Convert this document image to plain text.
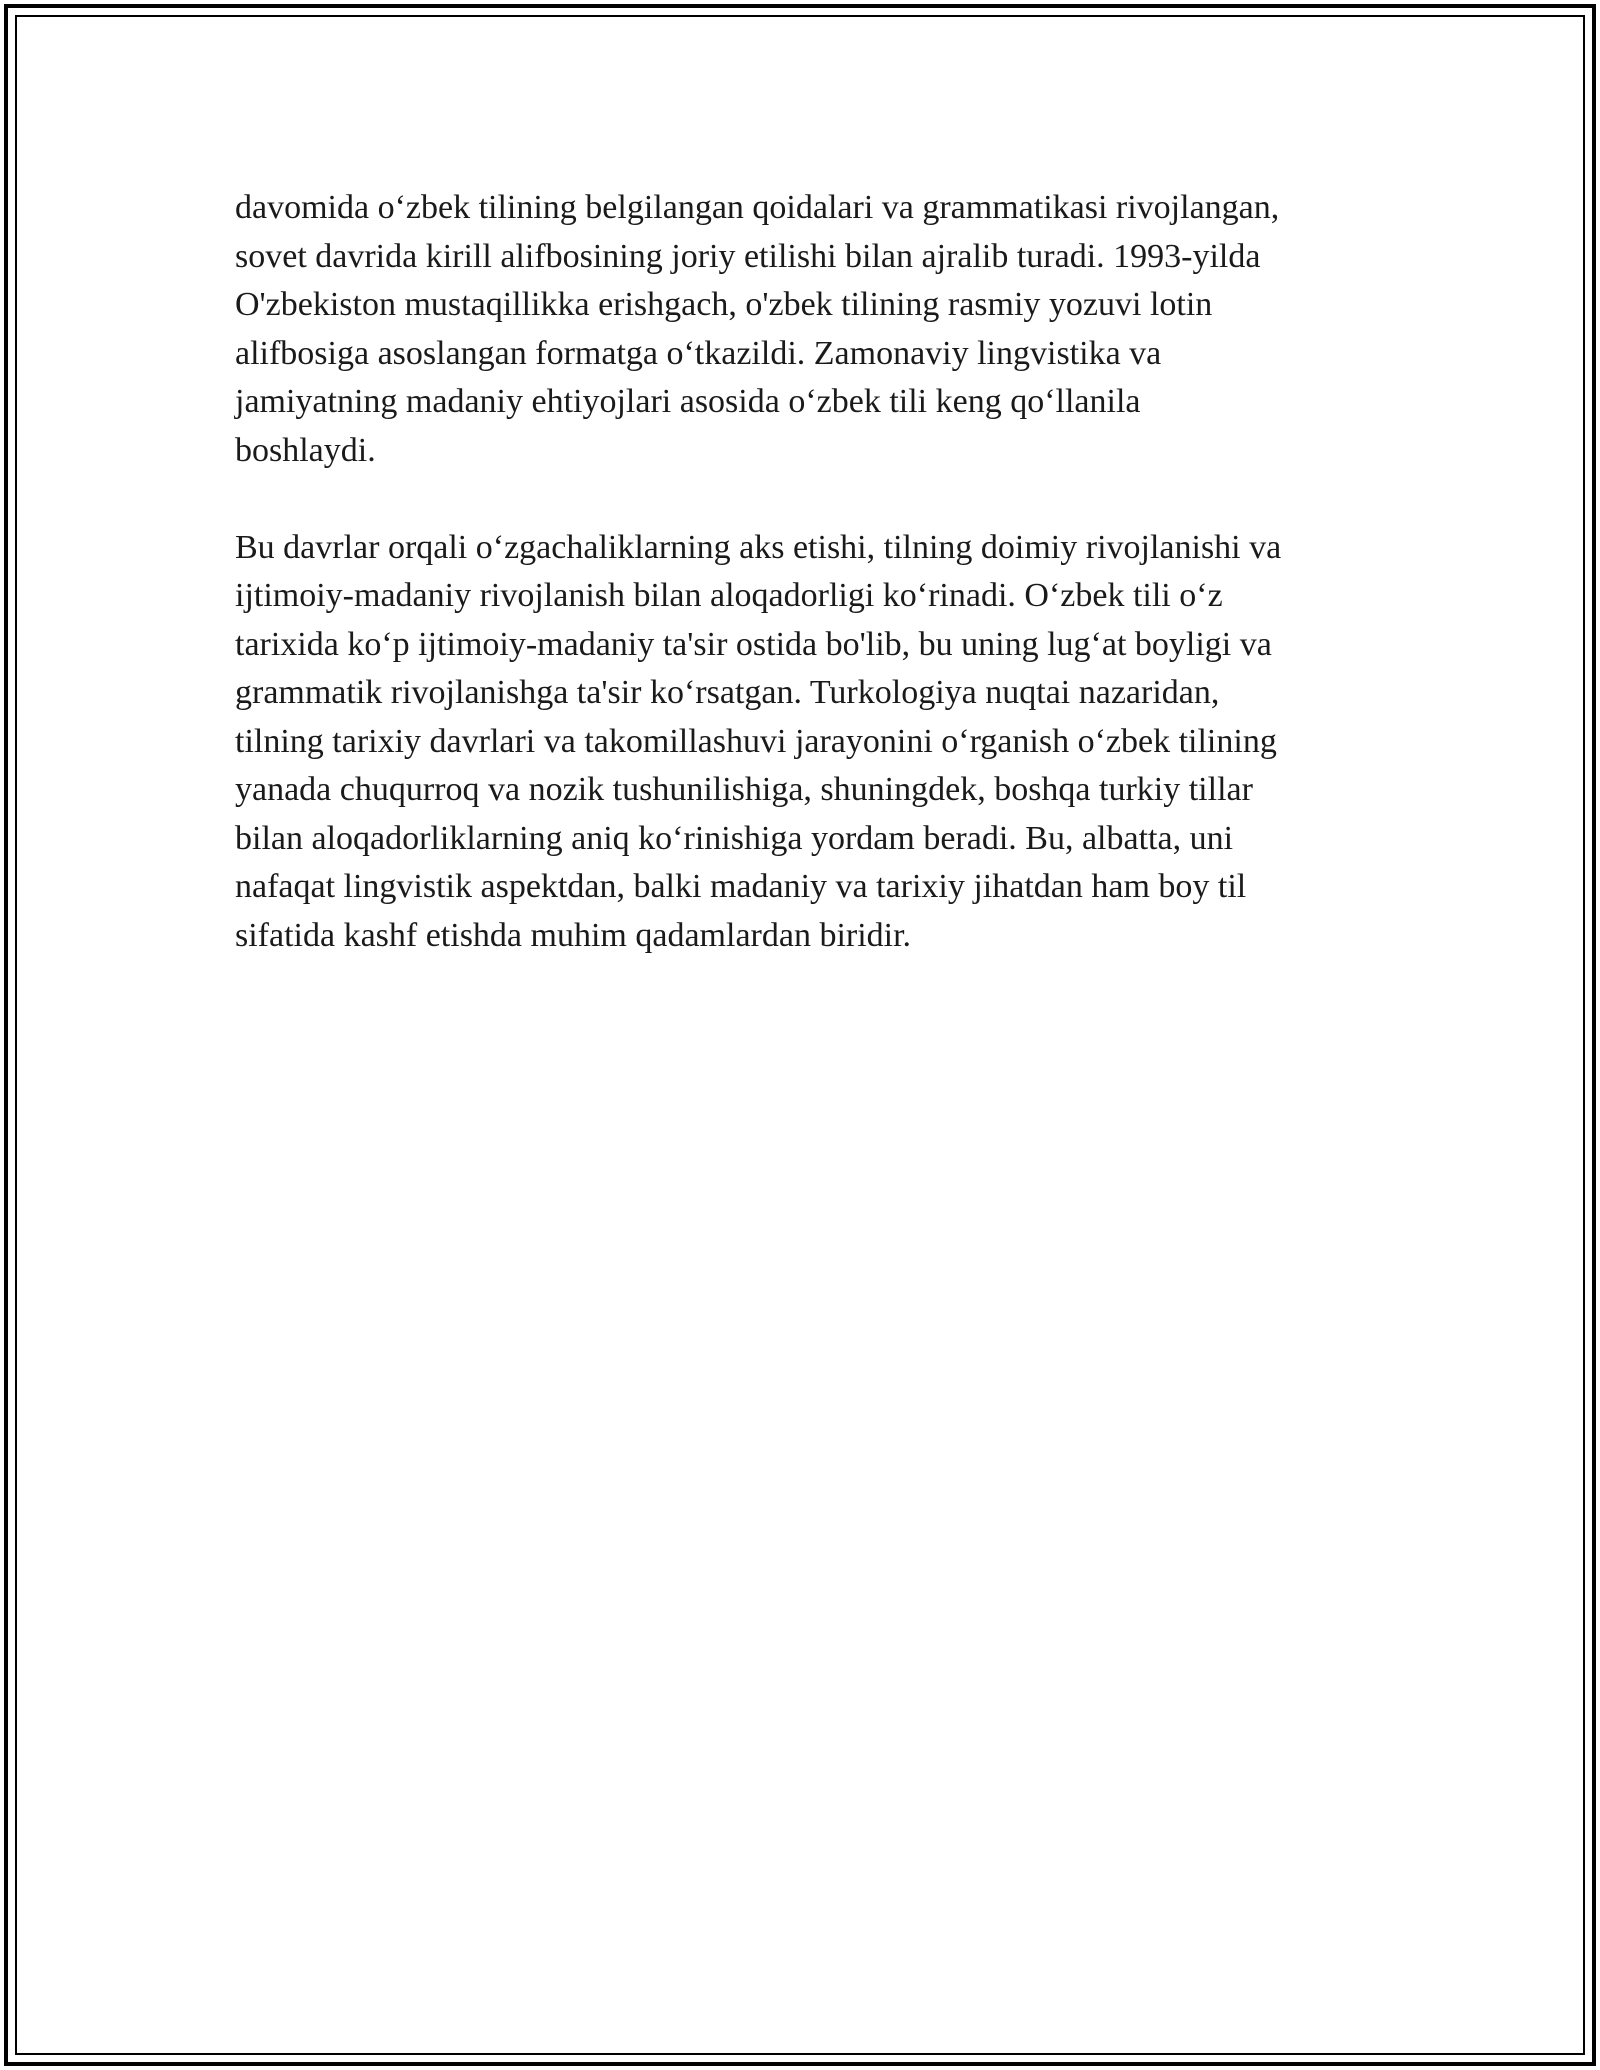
davomida o‘zbek tilining belgilangan qoidalari va grammatikasi rivojlangan,
sovet davrida kirill alifbosining joriy etilishi bilan ajralib turadi. 1993-yilda
O'zbekiston mustaqillikka erishgach, o'zbek tilining rasmiy yozuvi lotin
alifbosiga asoslangan formatga o‘tkazildi. Zamonaviy lingvistika va
jamiyatning madaniy ehtiyojlari asosida o‘zbek tili keng qo‘llanila
boshlaydi.

Bu davrlar orqali o‘zgachaliklarning aks etishi, tilning doimiy rivojlanishi va
ijtimoiy-madaniy rivojlanish bilan aloqadorligi ko‘rinadi. O‘zbek tili o‘z
tarixida ko‘p ijtimoiy-madaniy ta'sir ostida bo'lib, bu uning lug‘at boyligi va
grammatik rivojlanishga ta'sir ko‘rsatgan. Turkologiya nuqtai nazaridan,
tilning tarixiy davrlari va takomillashuvi jarayonini o‘rganish o‘zbek tilining
yanada chuqurroq va nozik tushunilishiga, shuningdek, boshqa turkiy tillar
bilan aloqadorliklarning aniq ko‘rinishiga yordam beradi. Bu, albatta, uni
nafaqat lingvistik aspektdan, balki madaniy va tarixiy jihatdan ham boy til
sifatida kashf etishda muhim qadamlardan biridir.
